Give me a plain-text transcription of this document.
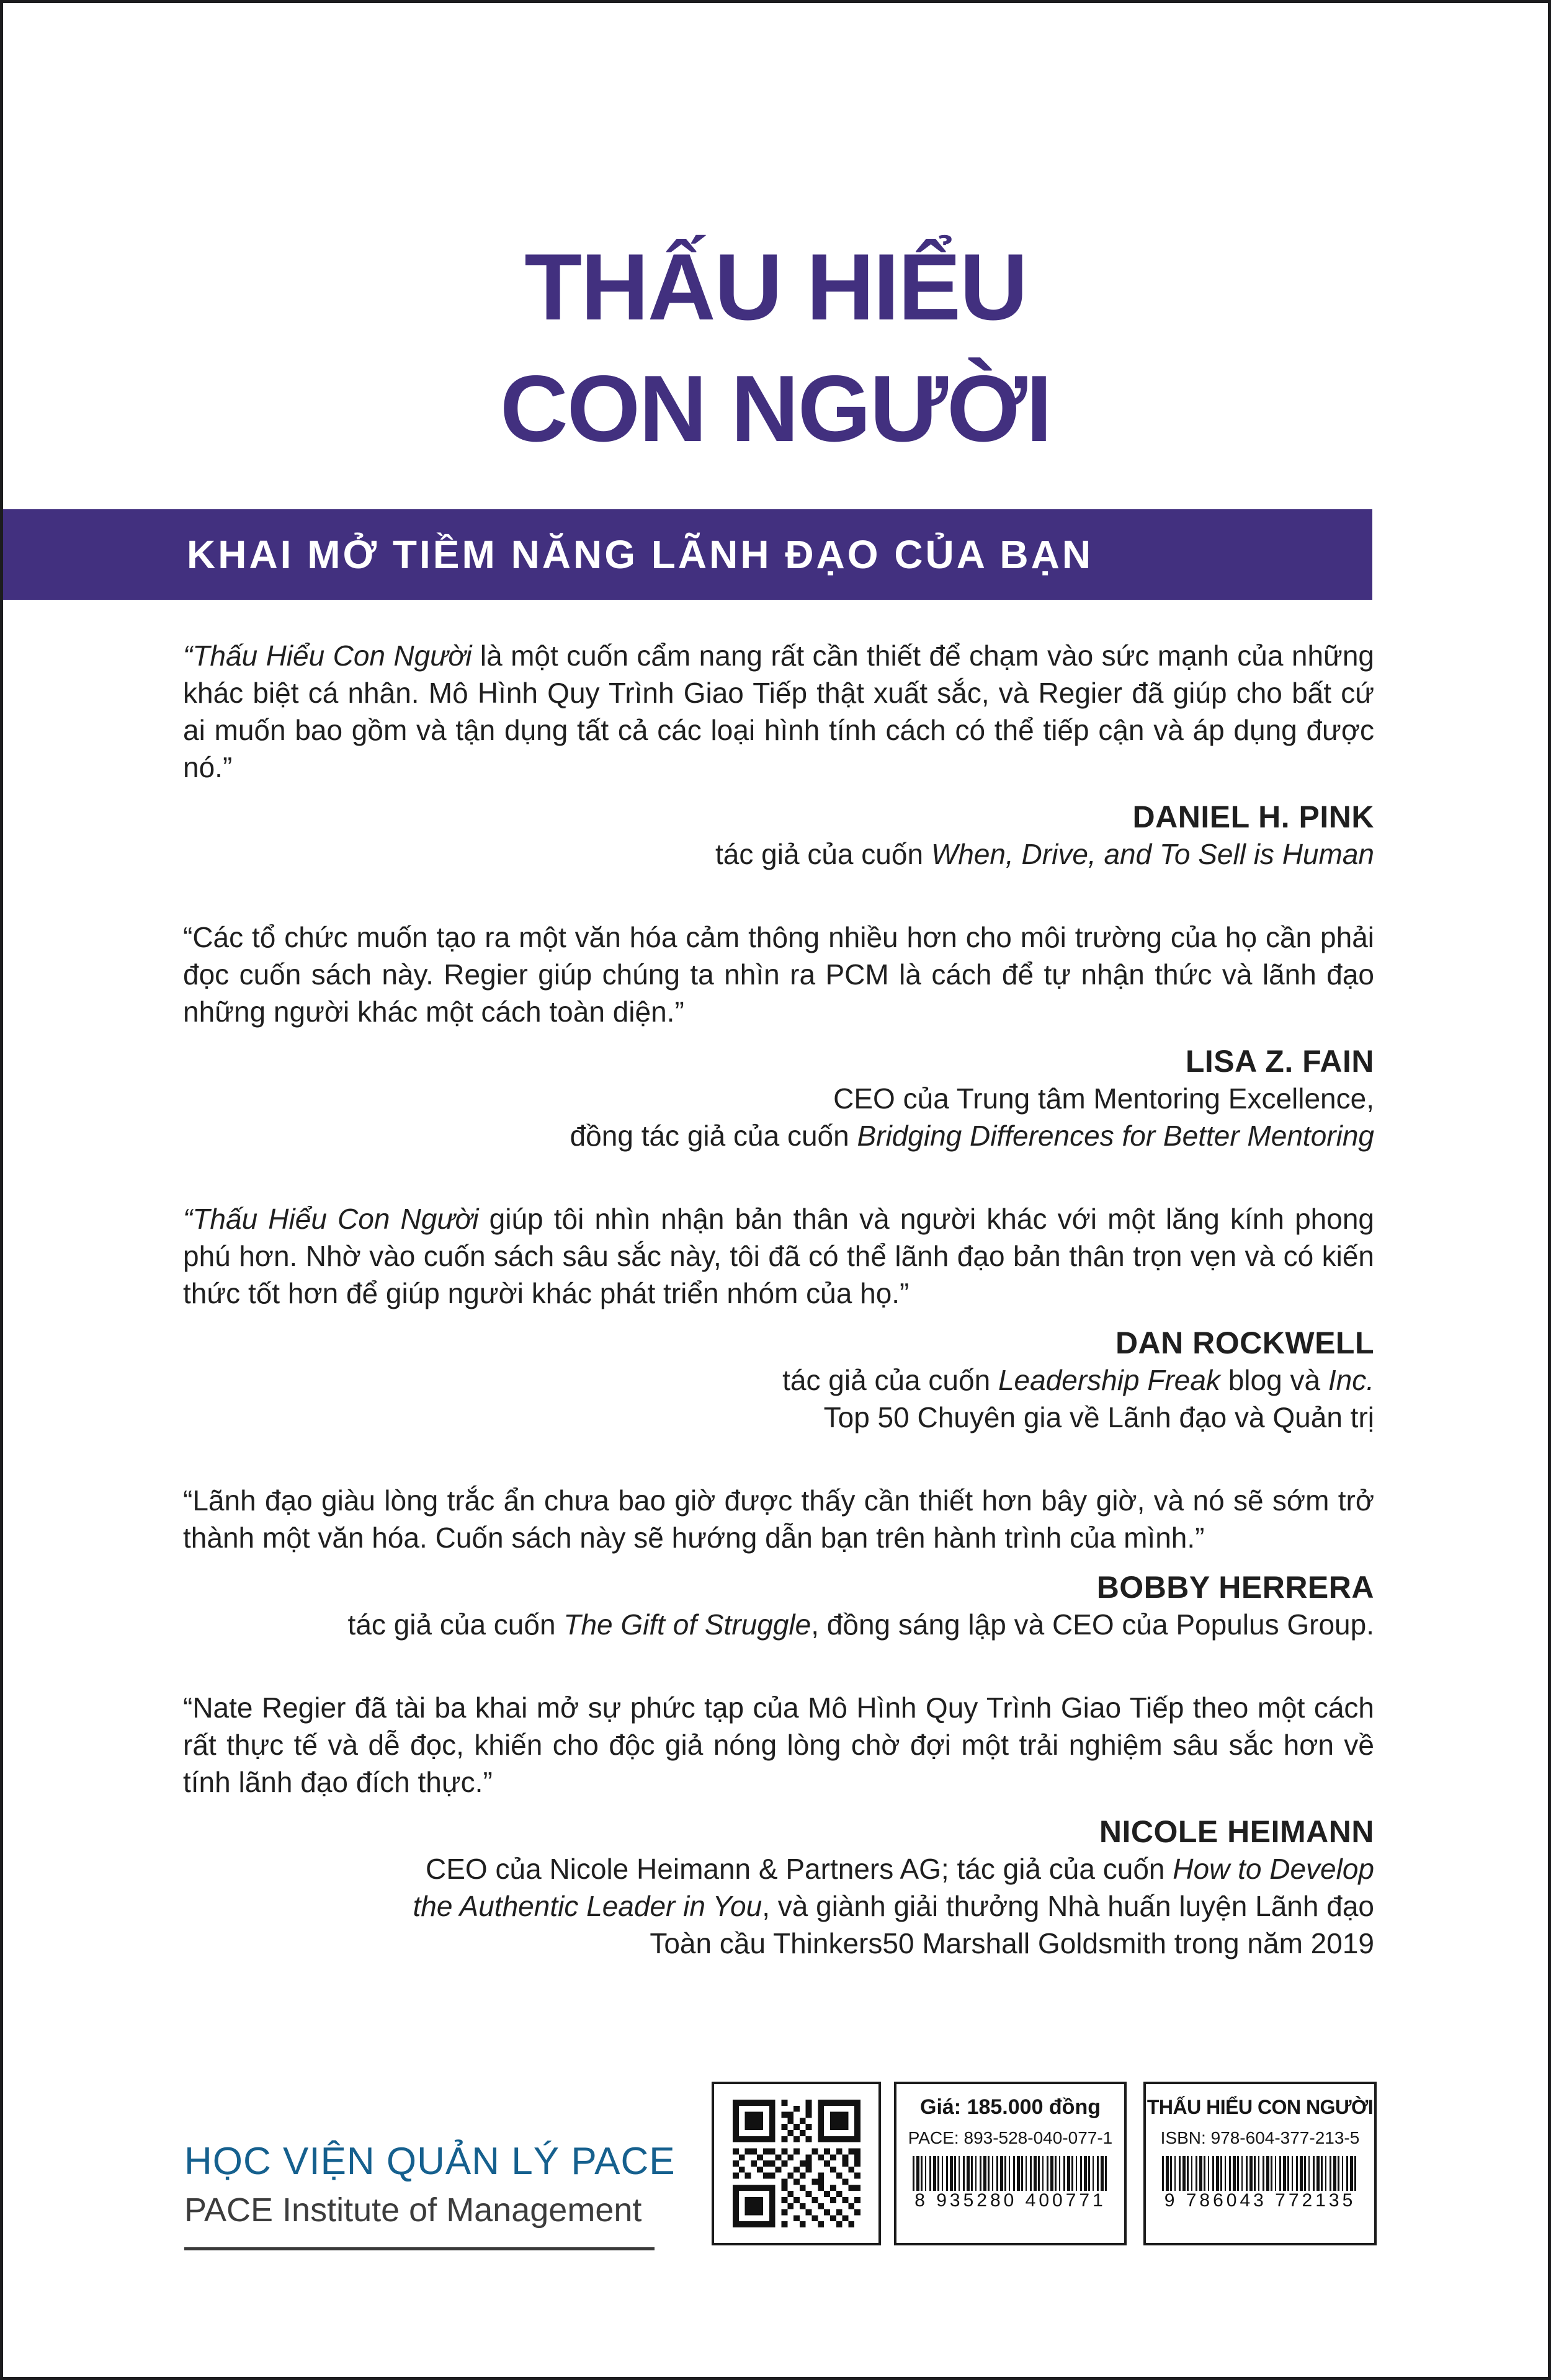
THẤU HIỂU
CON NGƯỜI
KHAI MỞ TIỀM NĂNG LÃNH ĐẠO CỦA BẠN

“Thấu Hiểu Con Người là một cuốn cẩm nang rất cần thiết để chạm vào sức mạnh của những khác biệt cá nhân. Mô Hình Quy Trình Giao Tiếp thật xuất sắc, và Regier đã giúp cho bất cứ ai muốn bao gồm và tận dụng tất cả các loại hình tính cách có thể tiếp cận và áp dụng được nó.”

DANIEL H. PINK
tác giả của cuốn When, Drive, and To Sell is Human

“Các tổ chức muốn tạo ra một văn hóa cảm thông nhiều hơn cho môi trường của họ cần phải đọc cuốn sách này. Regier giúp chúng ta nhìn ra PCM là cách để tự nhận thức và lãnh đạo những người khác một cách toàn diện.”

LISA Z. FAIN
CEO của Trung tâm Mentoring Excellence,
đồng tác giả của cuốn Bridging Differences for Better Mentoring

“Thấu Hiểu Con Người giúp tôi nhìn nhận bản thân và người khác với một lăng kính phong phú hơn. Nhờ vào cuốn sách sâu sắc này, tôi đã có thể lãnh đạo bản thân trọn vẹn và có kiến thức tốt hơn để giúp người khác phát triển nhóm của họ.”

DAN ROCKWELL
tác giả của cuốn Leadership Freak blog và Inc.
Top 50 Chuyên gia về Lãnh đạo và Quản trị

“Lãnh đạo giàu lòng trắc ẩn chưa bao giờ được thấy cần thiết hơn bây giờ, và nó sẽ sớm trở thành một văn hóa. Cuốn sách này sẽ hướng dẫn bạn trên hành trình của mình.”

BOBBY HERRERA
tác giả của cuốn The Gift of Struggle, đồng sáng lập và CEO của Populus Group.

“Nate Regier đã tài ba khai mở sự phức tạp của Mô Hình Quy Trình Giao Tiếp theo một cách rất thực tế và dễ đọc, khiến cho độc giả nóng lòng chờ đợi một trải nghiệm sâu sắc hơn về tính lãnh đạo đích thực.”

NICOLE HEIMANN
CEO của Nicole Heimann & Partners AG; tác giả của cuốn How to Develop
the Authentic Leader in You, và giành giải thưởng Nhà huấn luyện Lãnh đạo
Toàn cầu Thinkers50 Marshall Goldsmith trong năm 2019
HỌC VIỆN QUẢN LÝ PACE
PACE Institute of Management
Giá: 185.000 đồng
PACE: 893-528-040-077-1
8 935280 400771
THẤU HIỂU CON NGƯỜI
ISBN: 978-604-377-213-5
9 786043 772135
